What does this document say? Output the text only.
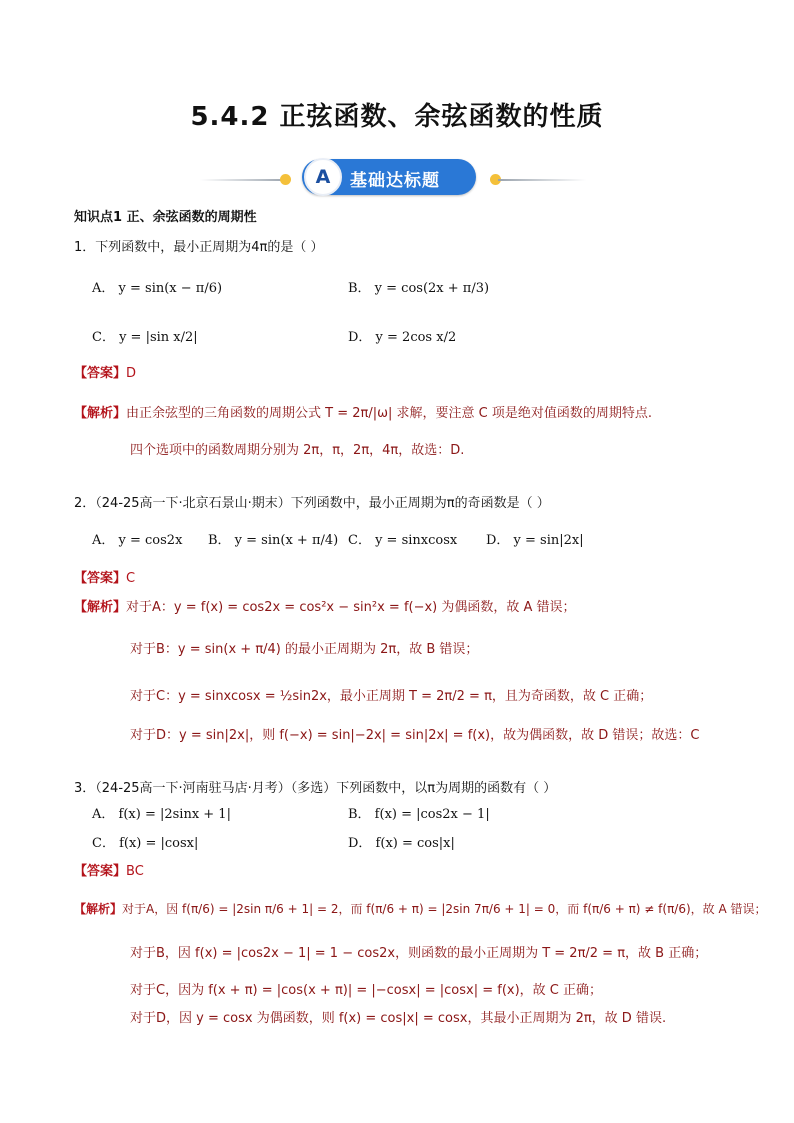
5.4.2 正弦函数、余弦函数的性质
A	基础达标题
知识点1 正、余弦函数的周期性
1．下列函数中，最小正周期为4π的是（ ）
A． y = sin(x − π/6)	B． y = cos(2x + π/3)
C． y = |sin x/2|	D． y = 2cos x/2
【答案】D
【解析】由正余弦型的三角函数的周期公式 T = 2π/|ω| 求解，要注意 C 项是绝对值函数的周期特点.
四个选项中的函数周期分别为 2π，π，2π，4π，故选：D.
2．（24-25高一下·北京石景山·期末）下列函数中，最小正周期为π的奇函数是（ ）
A． y = cos2x B． y = sin(x + π/4) C． y = sinxcosx D． y = sin|2x|
【答案】C
【解析】对于A：y = f(x) = cos2x = cos²x − sin²x = f(−x) 为偶函数，故 A 错误；
对于B：y = sin(x + π/4) 的最小正周期为 2π，故 B 错误；
对于C：y = sinxcosx = ½sin2x，最小正周期 T = 2π/2 = π，且为奇函数，故 C 正确；
对于D：y = sin|2x|，则 f(−x) = sin|−2x| = sin|2x| = f(x)，故为偶函数，故 D 错误；故选：C
3．（24-25高一下·河南驻马店·月考）（多选）下列函数中，以π为周期的函数有（ ）
A． f(x) = |2sinx + 1|	B． f(x) = |cos2x − 1|
C． f(x) = |cosx|	D． f(x) = cos|x|
【答案】BC
【解析】对于A，因 f(π/6) = |2sin π/6 + 1| = 2，而 f(π/6 + π) = |2sin 7π/6 + 1| = 0，而 f(π/6 + π) ≠ f(π/6)，故 A 错误；
对于B，因 f(x) = |cos2x − 1| = 1 − cos2x，则函数的最小正周期为 T = 2π/2 = π，故 B 正确；
对于C，因为 f(x + π) = |cos(x + π)| = |−cosx| = |cosx| = f(x)，故 C 正确；
对于D，因 y = cosx 为偶函数，则 f(x) = cos|x| = cosx，其最小正周期为 2π，故 D 错误.
